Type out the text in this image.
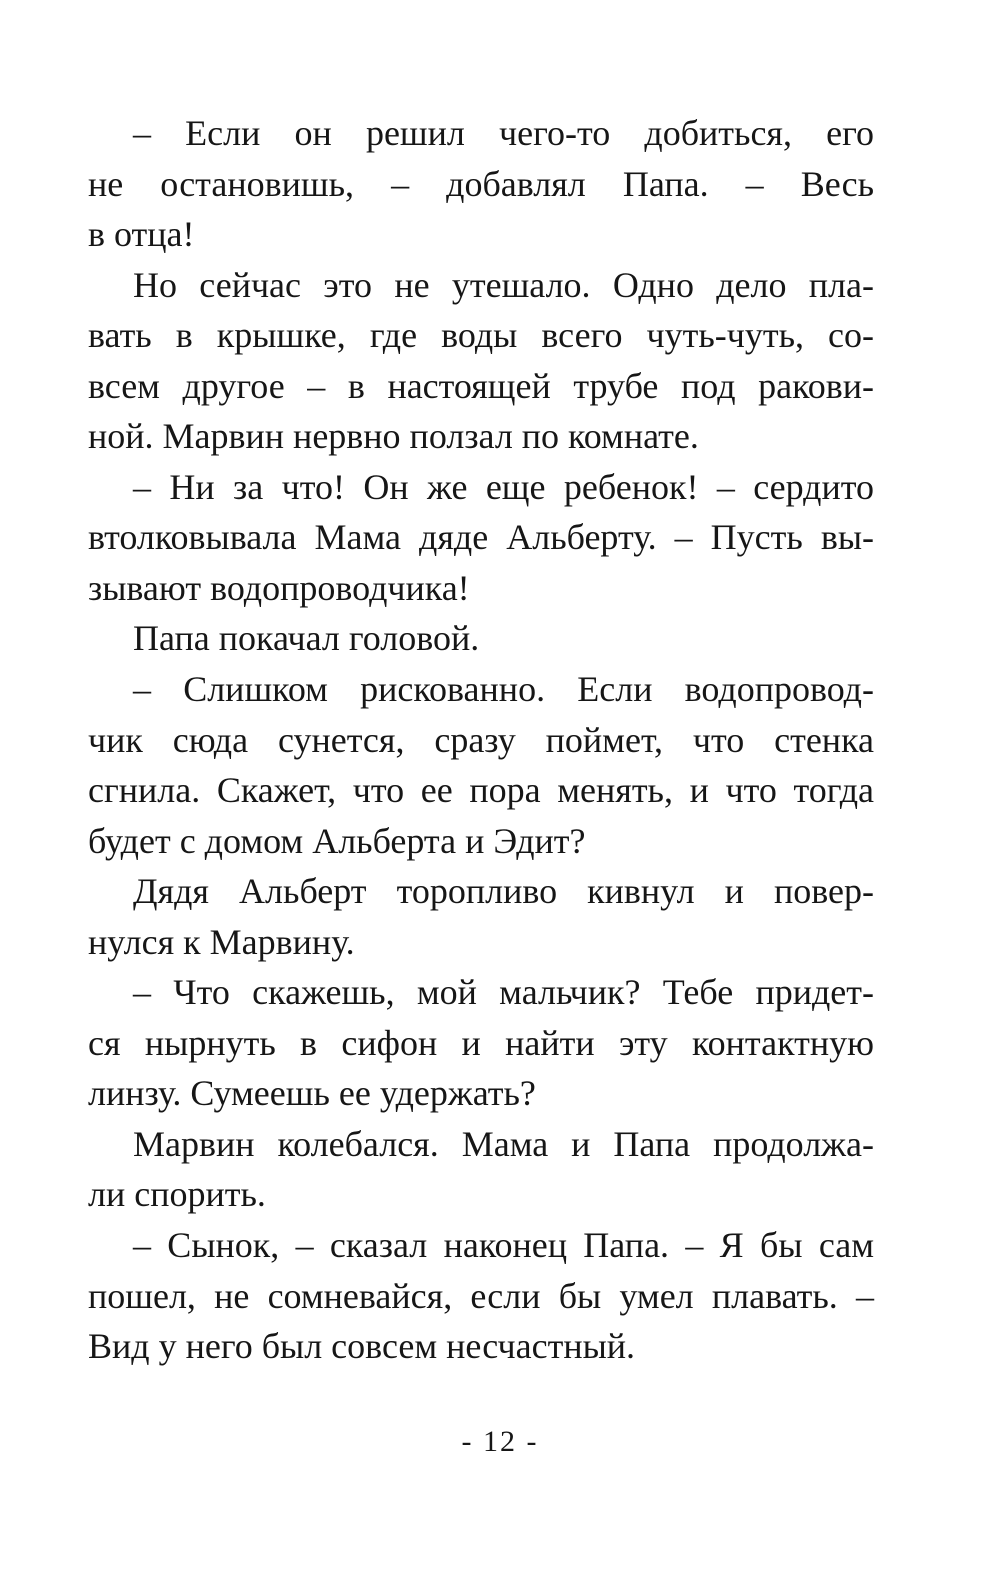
– Если он решил чего-то добиться, его
не остановишь, – добавлял Папа. – Весь
в отца!
Но сейчас это не утешало. Одно дело пла-
вать в крышке, где воды всего чуть-чуть, со-
всем другое – в настоящей трубе под ракови-
ной. Марвин нервно ползал по комнате.
– Ни за что! Он же еще ребенок! – сердито
втолковывала Мама дяде Альберту. – Пусть вы-
зывают водопроводчика!
Папа покачал головой.
– Слишком рискованно. Если водопровод-
чик сюда сунется, сразу поймет, что стенка
сгнила. Скажет, что ее пора менять, и что тогда
будет с домом Альберта и Эдит?
Дядя Альберт торопливо кивнул и повер-
нулся к Марвину.
– Что скажешь, мой мальчик? Тебе придет-
ся нырнуть в сифон и найти эту контактную
линзу. Сумеешь ее удержать?
Марвин колебался. Мама и Папа продолжа-
ли спорить.
– Сынок, – сказал наконец Папа. – Я бы сам
пошел, не сомневайся, если бы умел плавать. –
Вид у него был совсем несчастный.
- 12 -
